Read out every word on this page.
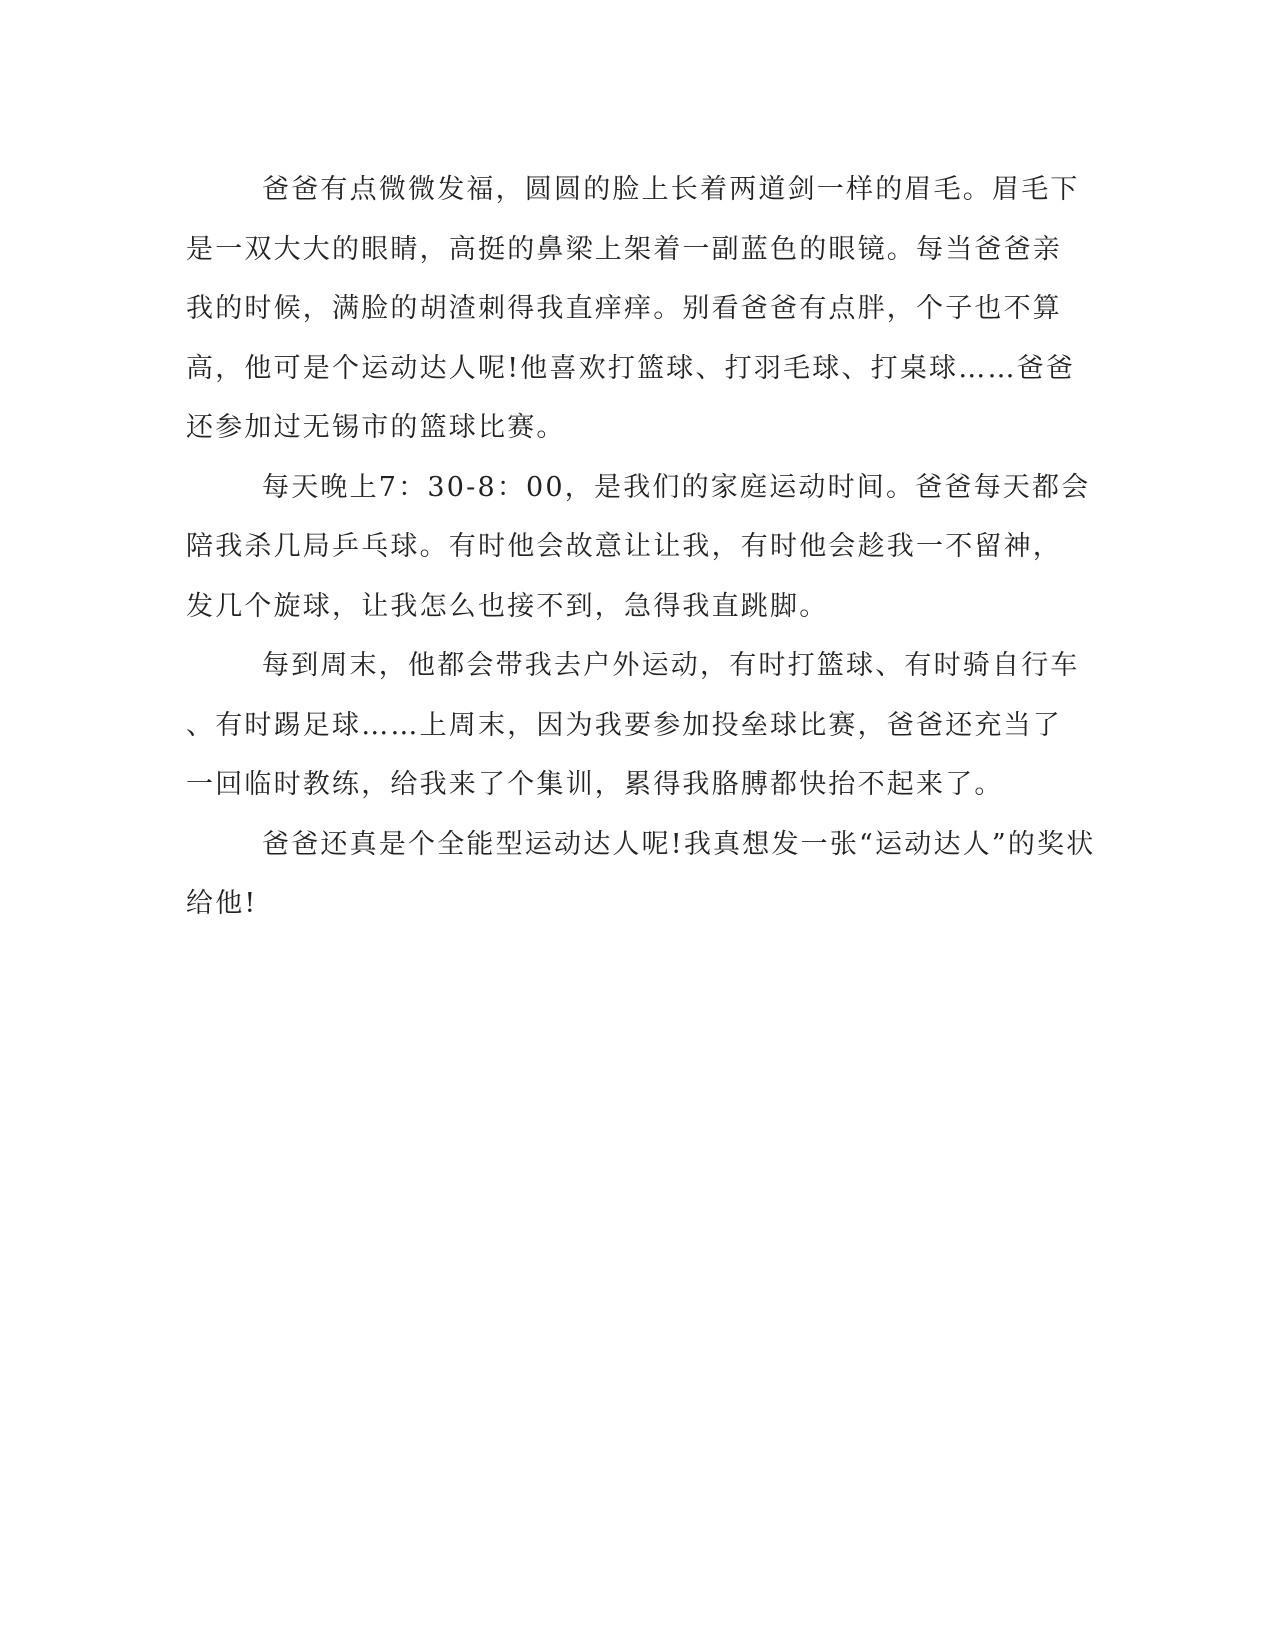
爸爸有点微微发福，圆圆的脸上长着两道剑一样的眉毛。眉毛下
是一双大大的眼睛，高挺的鼻梁上架着一副蓝色的眼镜。每当爸爸亲
我的时候，满脸的胡渣刺得我直痒痒。别看爸爸有点胖，个子也不算
高，他可是个运动达人呢!他喜欢打篮球、打羽毛球、打桌球……爸爸
还参加过无锡市的篮球比赛。
每天晚上7：30-8：00，是我们的家庭运动时间。爸爸每天都会
陪我杀几局乒乓球。有时他会故意让让我，有时他会趁我一不留神，
发几个旋球，让我怎么也接不到，急得我直跳脚。
每到周末，他都会带我去户外运动，有时打篮球、有时骑自行车
、有时踢足球……上周末，因为我要参加投垒球比赛，爸爸还充当了
一回临时教练，给我来了个集训，累得我胳膊都快抬不起来了。
爸爸还真是个全能型运动达人呢!我真想发一张“运动达人”的奖状
给他!
